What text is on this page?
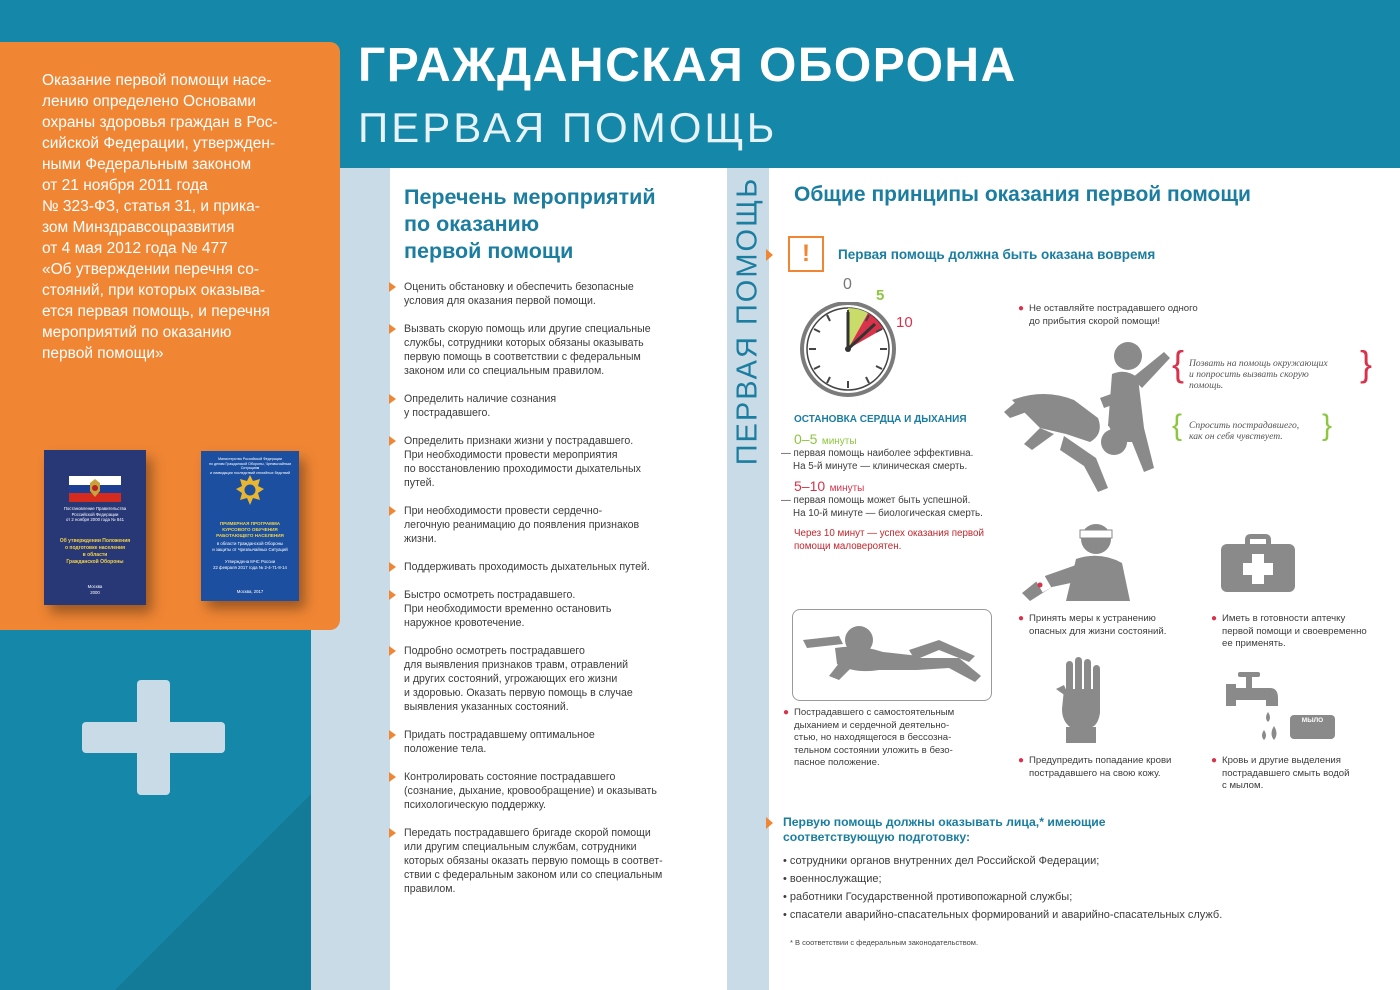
Оказание первой помощи насе-
лению определено Основами
охраны здоровья граждан в Рос-
сийской Федерации, утвержден-
ными Федеральным законом
от 21 ноября 2011 года
№ 323-ФЗ, статья 31, и прика-
зом Минздравсоцразвития
от 4 мая 2012 года № 477
«Об утверждении перечня со-
стояний, при которых оказыва-
ется первая помощь, и перечня
мероприятий по оказанию
первой помощи»
Постановление Правительства
Российской Федерации
от 2 ноября 2000 года № 841
Об утверждении Положения
о подготовке населения
в области
Гражданской Обороны
Москва
2000
Министерство Российской Федерации
по делам Гражданской Обороны, Чрезвычайным Ситуациям
и ликвидации последствий стихийных бедствий
ПРИМЕРНАЯ ПРОГРАММА
КУРСОВОГО ОБУЧЕНИЯ
РАБОТАЮЩЕГО НАСЕЛЕНИЯ
в области Гражданской Обороны
и защиты от Чрезвычайных Ситуаций
Утверждена МЧС России
22 февраля 2017 года № 2-4-71-8-14
Москва, 2017
ГРАЖДАНСКАЯ ОБОРОНА
ПЕРВАЯ ПОМОЩЬ
Перечень мероприятий
по оказанию
первой помощи
Оценить обстановку и обеспечить безопасные
условия для оказания первой помощи.
Вызвать скорую помощь или другие специальные
службы, сотрудники которых обязаны оказывать
первую помощь в соответствии с федеральным
законом или со специальным правилом.
Определить наличие сознания
у пострадавшего.
Определить признаки жизни у пострадавшего.
При необходимости провести мероприятия
по восстановлению проходимости дыхательных
путей.
При необходимости провести сердечно-
легочную реанимацию до появления признаков
жизни.
Поддерживать проходимость дыхательных путей.
Быстро осмотреть пострадавшего.
При необходимости временно остановить
наружное кровотечение.
Подробно осмотреть пострадавшего
для выявления признаков травм, отравлений
и других состояний, угрожающих его жизни
и здоровью. Оказать первую помощь в случае
выявления указанных состояний.
Придать пострадавшему оптимальное
положение тела.
Контролировать состояние пострадавшего
(сознание, дыхание, кровообращение) и оказывать
психологическую поддержку.
Передать пострадавшего бригаде скорой помощи
или другим специальным службам, сотрудники
которых обязаны оказать первую помощь в соответ-
ствии с федеральным законом или со специальным
правилом.
ПЕРВАЯ ПОМОЩЬ Общие принципы оказания первой помощи
!	Первая помощь должна быть оказана вовремя
0
5
10
ОСТАНОВКА СЕРДЦА И ДЫХАНИЯ
0–5 минуты
— первая помощь наиболее эффективна.
На 5-й минуте — клиническая смерть.
5–10 минуты
— первая помощь может быть успешной.
На 10-й минуте — биологическая смерть.
Через 10 минут — успех оказания первой
помощи маловероятен.
● Не оставляйте пострадавшего одного
до прибытия скорой помощи!
{ Позвать на помощь окружающих
и попросить вызвать скорую
помощь.
}
{ Спросить пострадавшего,
как он себя чувствует.	}
● Принять меры к устранению
опасных для жизни состояний.
● Иметь в готовности аптечку
первой помощи и своевременно
ее применять.
● Пострадавшего с самостоятельным
дыханием и сердечной деятельно-
стью, но находящегося в бессозна-
тельном состоянии уложить в безо-
пасное положение.	● Предупредить попадание крови
пострадавшего на свою кожу.
МЫЛО
● Кровь и другие выделения
пострадавшего смыть водой
с мылом.
Первую помощь должны оказывать лица,* имеющие
соответствующую подготовку:
• сотрудники органов внутренних дел Российской Федерации;
• военнослужащие;
• работники Государственной противопожарной службы;
• спасатели аварийно-спасательных формирований и аварийно-спасательных служб.
* В соответствии с федеральным законодательством.
